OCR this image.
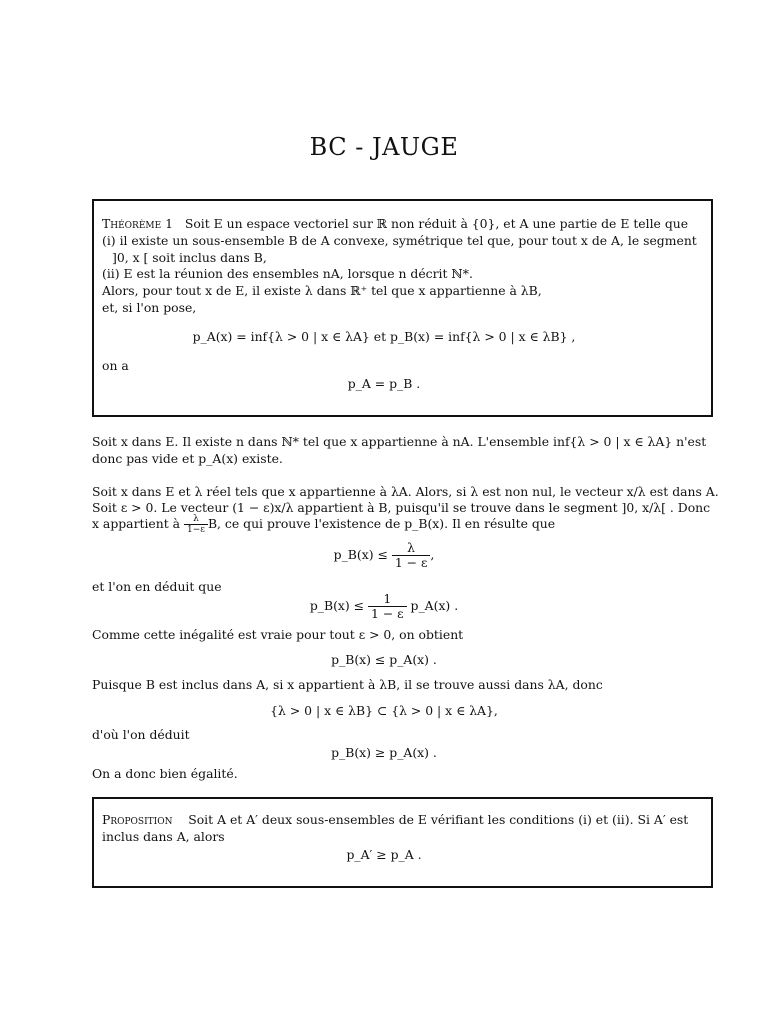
BC - JAUGE
Théorème 1 Soit E un espace vectoriel sur ℝ non réduit à {0}, et A une partie de E telle que
(i) il existe un sous-ensemble B de A convexe, symétrique tel que, pour tout x de A, le segment
]0, x [ soit inclus dans B,
(ii) E est la réunion des ensembles nA, lorsque n décrit ℕ*.
Alors, pour tout x de E, il existe λ dans ℝ⁺ tel que x appartienne à λB,
et, si l'on pose,
p_A(x) = inf{λ > 0 | x ∈ λA} et p_B(x) = inf{λ > 0 | x ∈ λB} ,
on a
p_A = p_B .
Soit x dans E. Il existe n dans ℕ* tel que x appartienne à nA. L'ensemble inf{λ > 0 | x ∈ λA} n'est
donc pas vide et p_A(x) existe.
Soit x dans E et λ réel tels que x appartienne à λA. Alors, si λ est non nul, le vecteur x/λ est dans A.
Soit ε > 0. Le vecteur (1 − ε)x/λ appartient à B, puisqu'il se trouve dans le segment ]0, x/λ[ . Donc
x appartient à $\frac{\lambda}{1-\varepsilon} B$, ce qui prouve l'existence de p_B(x). Il en résulte que
p_B(x) ≤ $\frac{\lambda}{1 - \varepsilon}$ ,
et l'on en déduit que
p_B(x) ≤ $\frac{1}{1 - \varepsilon}$ p_A(x) .
Comme cette inégalité est vraie pour tout ε > 0, on obtient
p_B(x) ≤ p_A(x) .
Puisque B est inclus dans A, si x appartient à λB, il se trouve aussi dans λA, donc
{λ > 0 | x ∈ λB} ⊂ {λ > 0 | x ∈ λA},
d'où l'on déduit
p_B(x) ≥ p_A(x) .
On a donc bien égalité.
Proposition Soit A et A′ deux sous-ensembles de E vérifiant les conditions (i) et (ii). Si A′ est
inclus dans A, alors
p_A′ ≥ p_A .
